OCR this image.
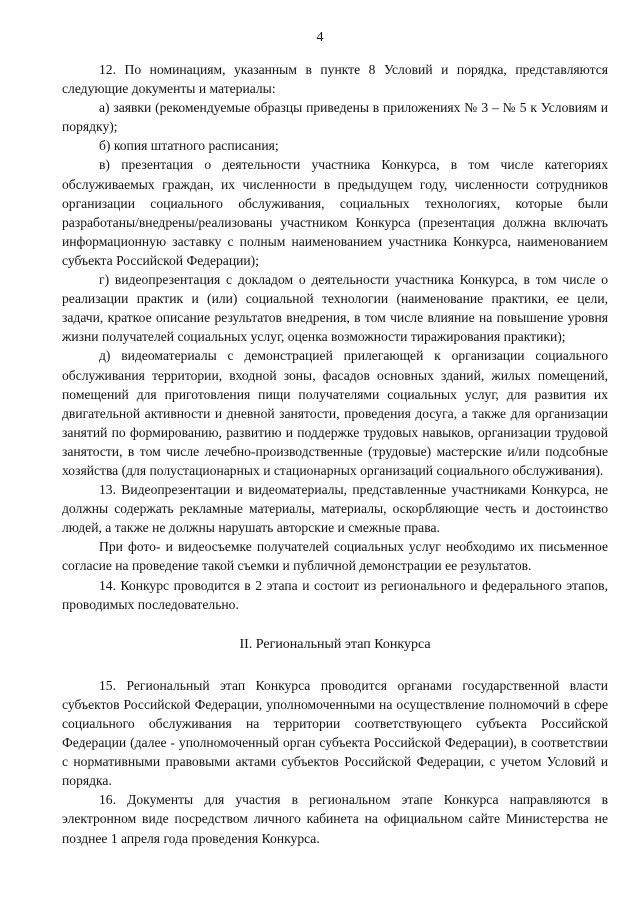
4

12. По номинациям, указанным в пункте 8 Условий и порядка, представляются следующие документы и материалы:

а) заявки (рекомендуемые образцы приведены в приложениях № 3 – № 5 к Условиям и порядку);

б) копия штатного расписания;

в) презентация о деятельности участника Конкурса, в том числе категориях обслуживаемых граждан, их численности в предыдущем году, численности сотрудников организации социального обслуживания, социальных технологиях, которые были разработаны/внедрены/реализованы участником Конкурса (презентация должна включать информационную заставку с полным наименованием участника Конкурса, наименованием субъекта Российской Федерации);

г) видеопрезентация с докладом о деятельности участника Конкурса, в том числе о реализации практик и (или) социальной технологии (наименование практики, ее цели, задачи, краткое описание результатов внедрения, в том числе влияние на повышение уровня жизни получателей социальных услуг, оценка возможности тиражирования практики);

д) видеоматериалы с демонстрацией прилегающей к организации социального обслуживания территории, входной зоны, фасадов основных зданий, жилых помещений, помещений для приготовления пищи получателями социальных услуг, для развития их двигательной активности и дневной занятости, проведения досуга, а также для организации занятий по формированию, развитию и поддержке трудовых навыков, организации трудовой занятости, в том числе лечебно-производственные (трудовые) мастерские и/или подсобные хозяйства (для полустационарных и стационарных организаций социального обслуживания).

13. Видеопрезентации и видеоматериалы, представленные участниками Конкурса, не должны содержать рекламные материалы, материалы, оскорбляющие честь и достоинство людей, а также не должны нарушать авторские и смежные права.

При фото- и видеосъемке получателей социальных услуг необходимо их письменное согласие на проведение такой съемки и публичной демонстрации ее результатов.

14. Конкурс проводится в 2 этапа и состоит из регионального и федерального этапов, проводимых последовательно.

II. Региональный этап Конкурса

15. Региональный этап Конкурса проводится органами государственной власти субъектов Российской Федерации, уполномоченными на осуществление полномочий в сфере социального обслуживания на территории соответствующего субъекта Российской Федерации (далее - уполномоченный орган субъекта Российской Федерации), в соответствии с нормативными правовыми актами субъектов Российской Федерации, с учетом Условий и порядка.

16. Документы для участия в региональном этапе Конкурса направляются в электронном виде посредством личного кабинета на официальном сайте Министерства не позднее 1 апреля года проведения Конкурса.
